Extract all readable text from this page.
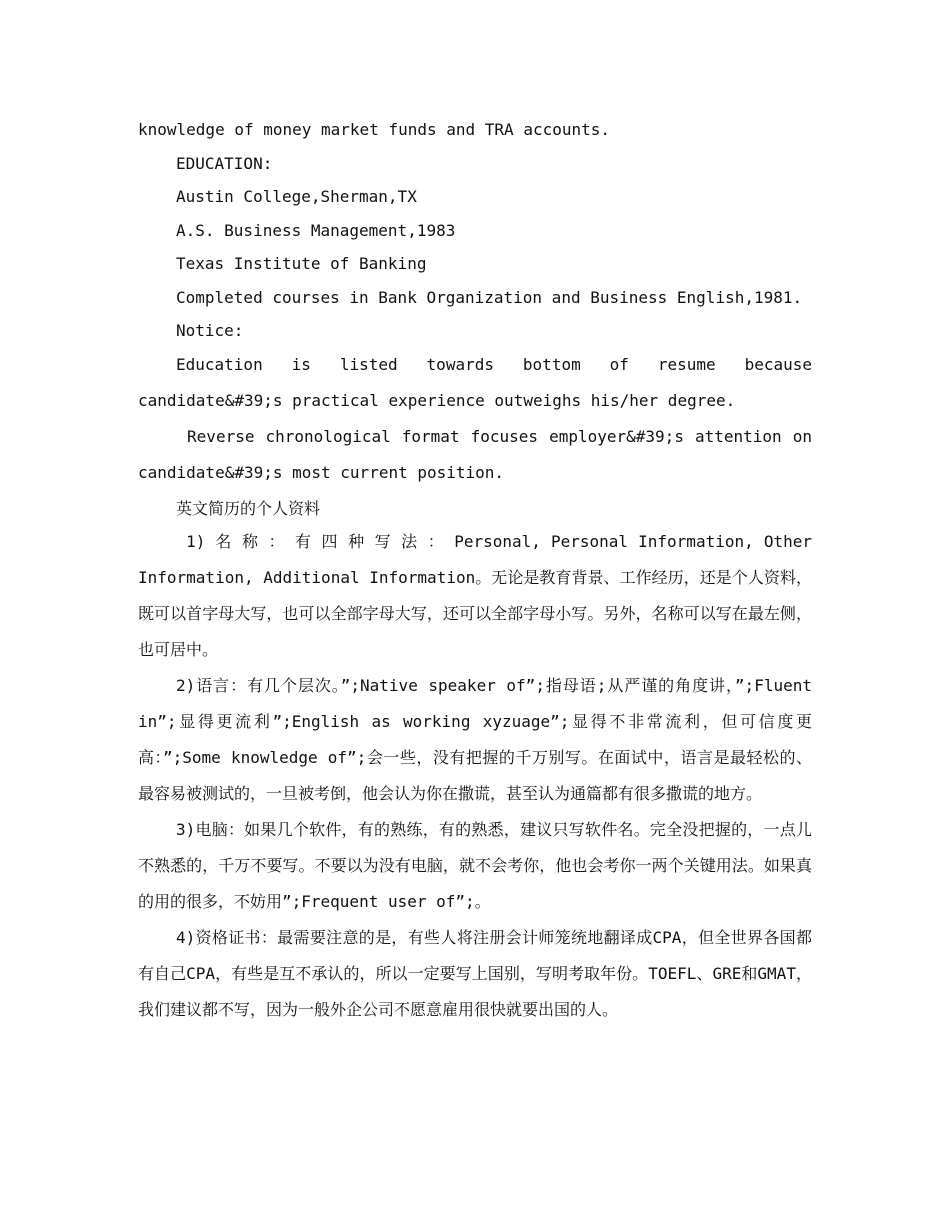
knowledge of money market funds and TRA accounts.
EDUCATION:
Austin College,Sherman,TX
A.S. Business Management,1983
Texas Institute of Banking
Completed courses in Bank Organization and Business English,1981.
Notice:

Education is listed towards bottom of resume because candidate&#39;s practical experience outweighs his/her degree.

Reverse chronological format focuses employer&#39;s attention on candidate&#39;s most current position.

英文简历的个人资料

1) 名 称 ： 有 四 种 写 法 ： Personal, Personal Information, Other Information, Additional Information。无论是教育背景、工作经历，还是个人资料，既可以首字母大写，也可以全部字母大写，还可以全部字母小写。另外，名称可以写在最左侧，也可居中。

2)语言：有几个层次。”;Native speaker of”;指母语;从严谨的角度讲，”;Fluent in”;显得更流利”;English as working xyzuage”;显得不非常流利，但可信度更高：”;Some knowledge of”;会一些，没有把握的千万别写。在面试中，语言是最轻松的、最容易被测试的，一旦被考倒，他会认为你在撒谎，甚至认为通篇都有很多撒谎的地方。

3)电脑：如果几个软件，有的熟练，有的熟悉，建议只写软件名。完全没把握的，一点儿不熟悉的，千万不要写。不要以为没有电脑，就不会考你，他也会考你一两个关键用法。如果真的用的很多，不妨用”;Frequent user of”;。

4)资格证书：最需要注意的是，有些人将注册会计师笼统地翻译成CPA，但全世界各国都有自己CPA，有些是互不承认的，所以一定要写上国别，写明考取年份。TOEFL、GRE和GMAT，我们建议都不写，因为一般外企公司不愿意雇用很快就要出国的人。
